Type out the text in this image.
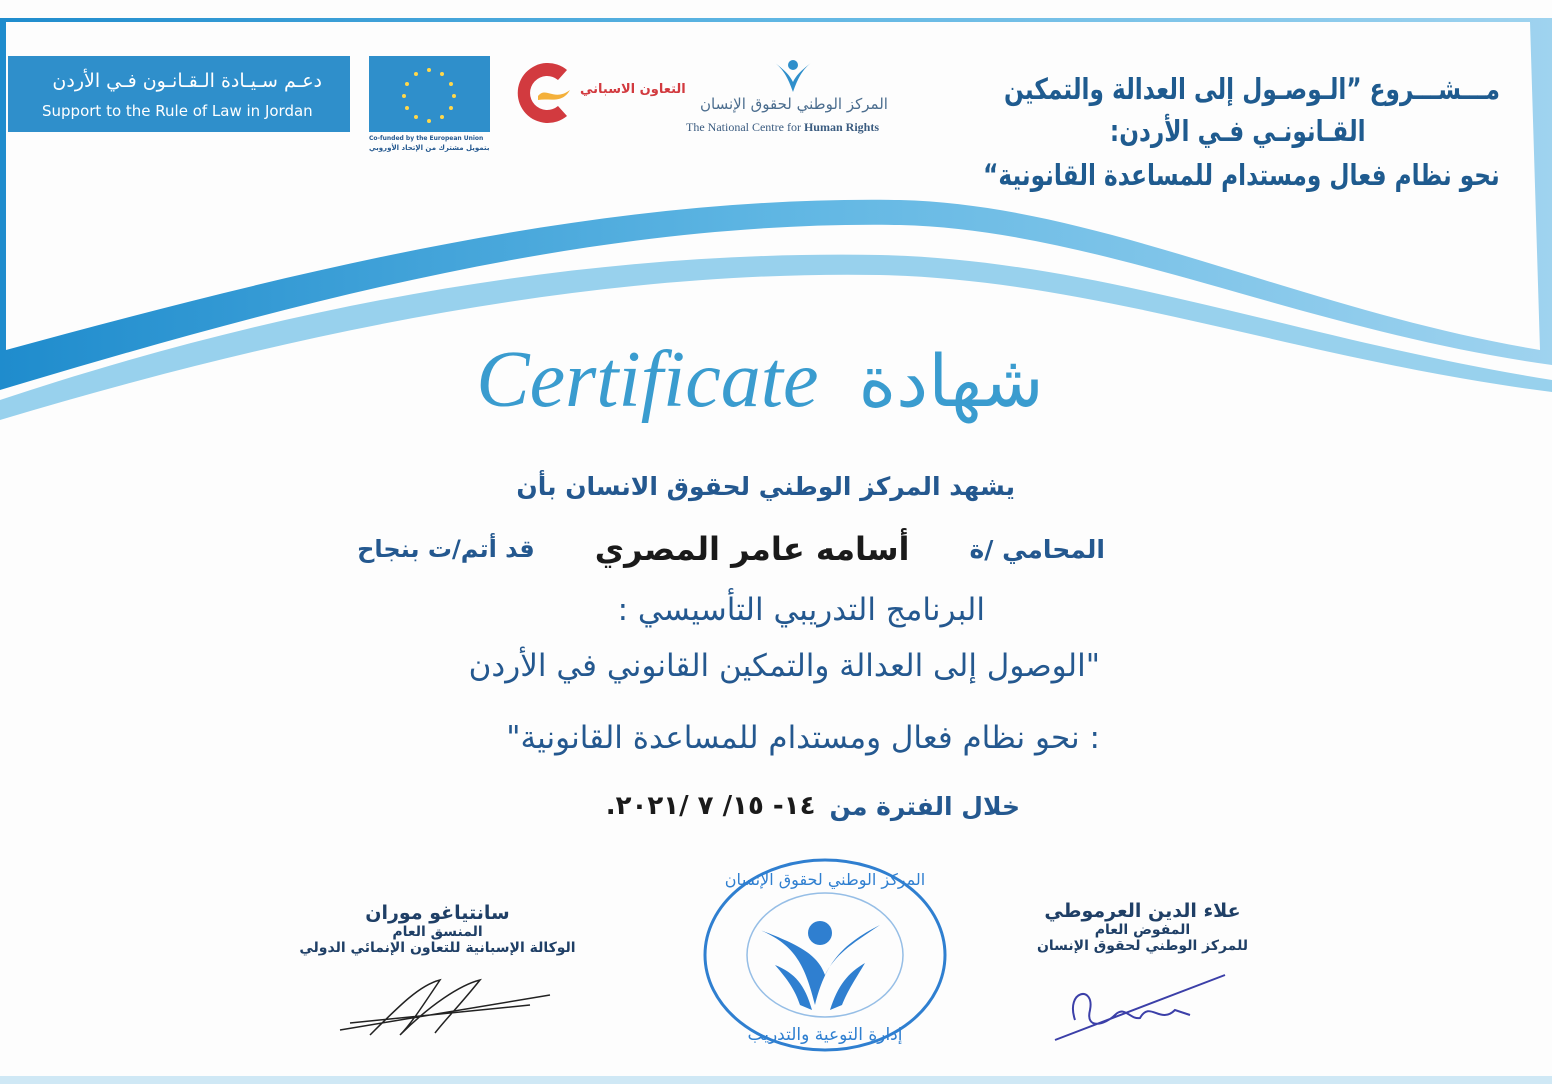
دعـم سـيـادة الـقـانـون فـي الأردن
Support to the Rule of Law in Jordan
Co-funded by the European Union
بتمويل مشترك من الإتحاد الأوروبي
التعاون الاسباني
المركز الوطني لحقوق الإنسان
The National Centre for Human Rights
مـــشـــروع ”الـوصـول إلى العدالة والتمكين
القـانونـي فـي الأردن:
نحو نظام فعال ومستدام للمساعدة القانونية“
Certificate شهادة
يشهد المركز الوطني لحقوق الانسان بأن
المحامي /ة
أسامه عامر المصري
قد أتم/ت بنجاح
البرنامج التدريبي التأسيسي :
"الوصول إلى العدالة والتمكين القانوني في الأردن
: نحو نظام فعال ومستدام للمساعدة القانونية"
خلال الفترة من
١٤- ١٥/ ٧ /٢٠٢١.
سانتياغو موران
المنسق العام
الوكالة الإسبانية للتعاون الإنمائي الدولي
علاء الدين العرموطي
المفوض العام
للمركز الوطني لحقوق الإنسان
المركز الوطني لحقوق الإنسان
إدارة التوعية والتدريب
